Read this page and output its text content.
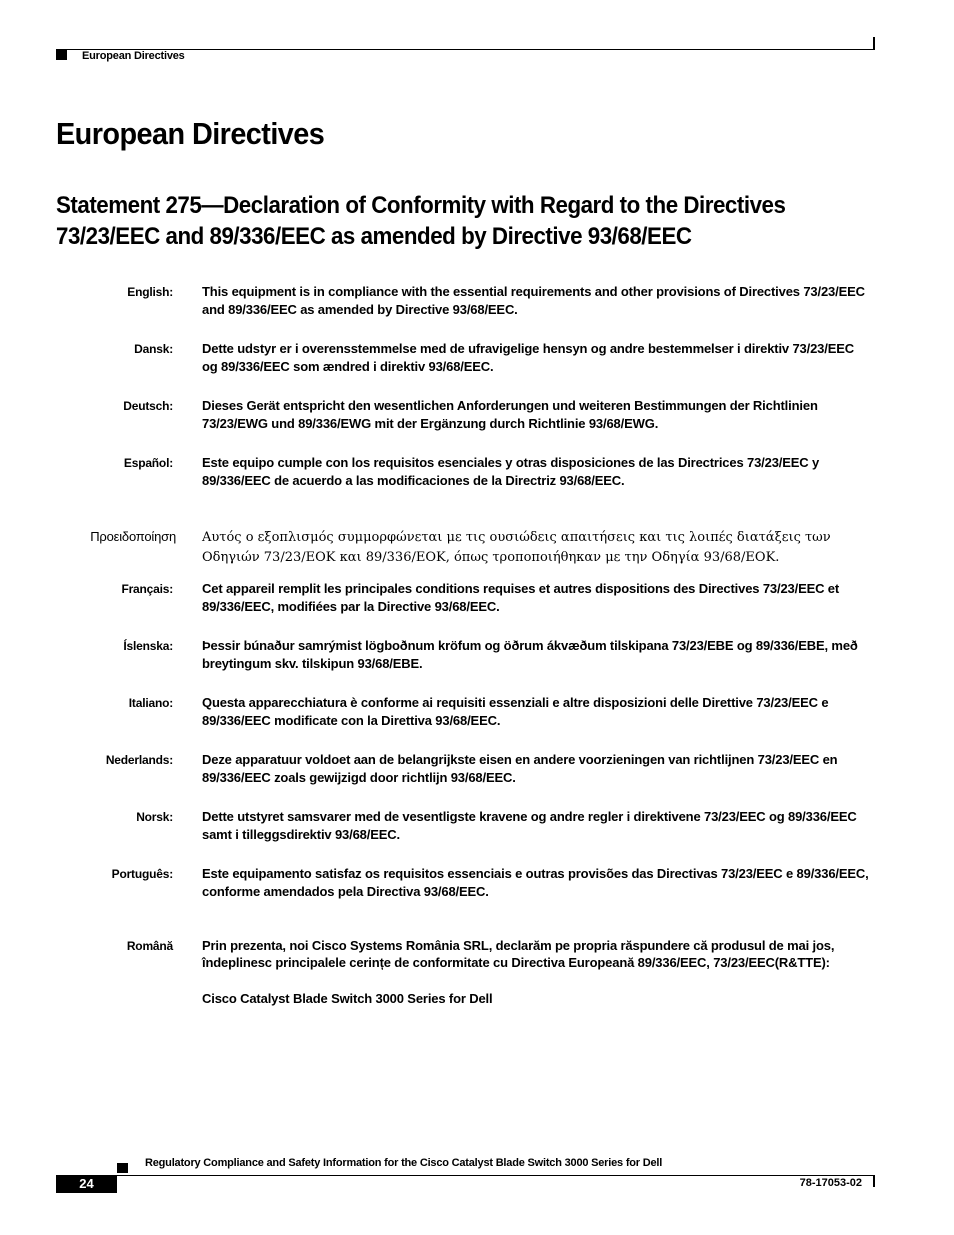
European Directives
European Directives
Statement 275—Declaration of Conformity with Regard to the Directives 73/23/EEC and 89/336/EEC as amended by Directive 93/68/EEC
English: This equipment is in compliance with the essential requirements and other provisions of Directives 73/23/EEC and 89/336/EEC as amended by Directive 93/68/EEC.
Dansk: Dette udstyr er i overensstemmelse med de ufravigelige hensyn og andre bestemmelser i direktiv 73/23/EEC og 89/336/EEC som ændred i direktiv 93/68/EEC.
Deutsch: Dieses Gerät entspricht den wesentlichen Anforderungen und weiteren Bestimmungen der Richtlinien 73/23/EWG und 89/336/EWG mit der Ergänzung durch Richtlinie 93/68/EWG.
Español: Este equipo cumple con los requisitos esenciales y otras disposiciones de las Directrices 73/23/EEC y 89/336/EEC de acuerdo a las modificaciones de la Directriz 93/68/EEC.
Προειδοποίηση Αυτός ο εξοπλισμός συμμορφώνεται με τις ουσιώδεις απαιτήσεις και τις λοιπές διατάξεις των Οδηγιών 73/23/ΕΟΚ και 89/336/ΕΟΚ, όπως τροποποιήθηκαν με την Οδηγία 93/68/ΕΟΚ.
Français: Cet appareil remplit les principales conditions requises et autres dispositions des Directives 73/23/EEC et 89/336/EEC, modifiées par la Directive 93/68/EEC.
Íslenska: Þessir búnaður samrýmist lögboðnum kröfum og öðrum ákvæðum tilskipana 73/23/EBE og 89/336/EBE, með breytingum skv. tilskipun 93/68/EBE.
Italiano: Questa apparecchiatura è conforme ai requisiti essenziali e altre disposizioni delle Direttive 73/23/EEC e 89/336/EEC modificate con la Direttiva 93/68/EEC.
Nederlands: Deze apparatuur voldoet aan de belangrijkste eisen en andere voorzieningen van richtlijnen 73/23/EEC en 89/336/EEC zoals gewijzigd door richtlijn 93/68/EEC.
Norsk: Dette utstyret samsvarer med de vesentligste kravene og andre regler i direktivene 73/23/EEC og 89/336/EEC samt i tilleggsdirektiv 93/68/EEC.
Português: Este equipamento satisfaz os requisitos essenciais e outras provisões das Directivas 73/23/EEC e 89/336/EEC, conforme amendados pela Directiva 93/68/EEC.
Română Prin prezenta, noi Cisco Systems România SRL, declarăm pe propria răspundere că produsul de mai jos, îndeplinesc principalele cerințe de conformitate cu Directiva Europeană 89/336/EEC, 73/23/EEC(R&TTE):
Cisco Catalyst Blade Switch 3000 Series for Dell
Regulatory Compliance and Safety Information for the Cisco Catalyst Blade Switch 3000 Series for Dell
24	78-17053-02
